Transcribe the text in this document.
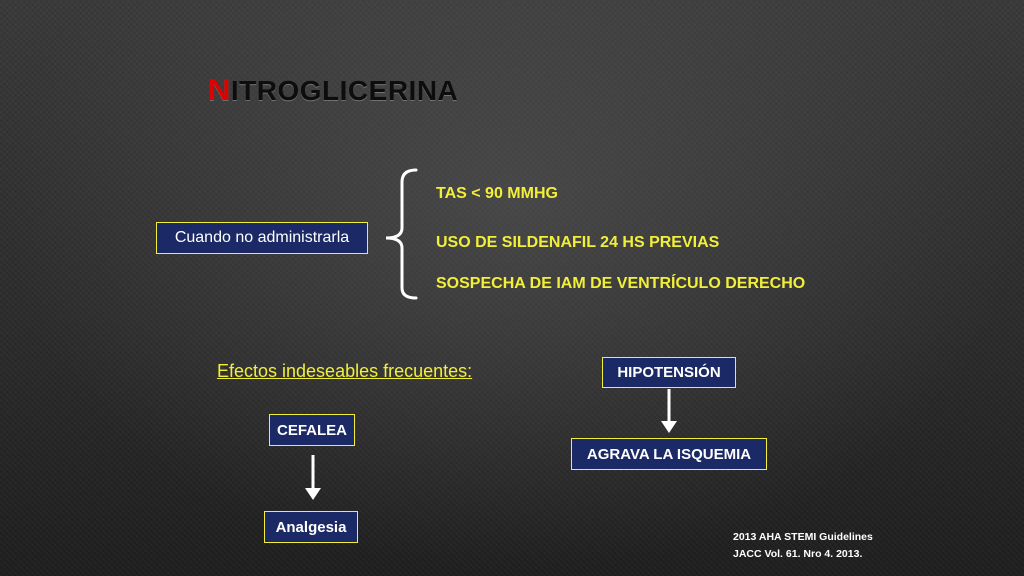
NITROGLICERINA
Cuando no administrarla
TAS < 90 MMHG
USO DE SILDENAFIL 24 HS PREVIAS
SOSPECHA DE IAM DE VENTRÍCULO DERECHO
Efectos indeseables frecuentes:
CEFALEA
Analgesia
HIPOTENSIÓN
AGRAVA LA ISQUEMIA
2013 AHA STEMI Guidelines
JACC Vol. 61. Nro 4. 2013.
